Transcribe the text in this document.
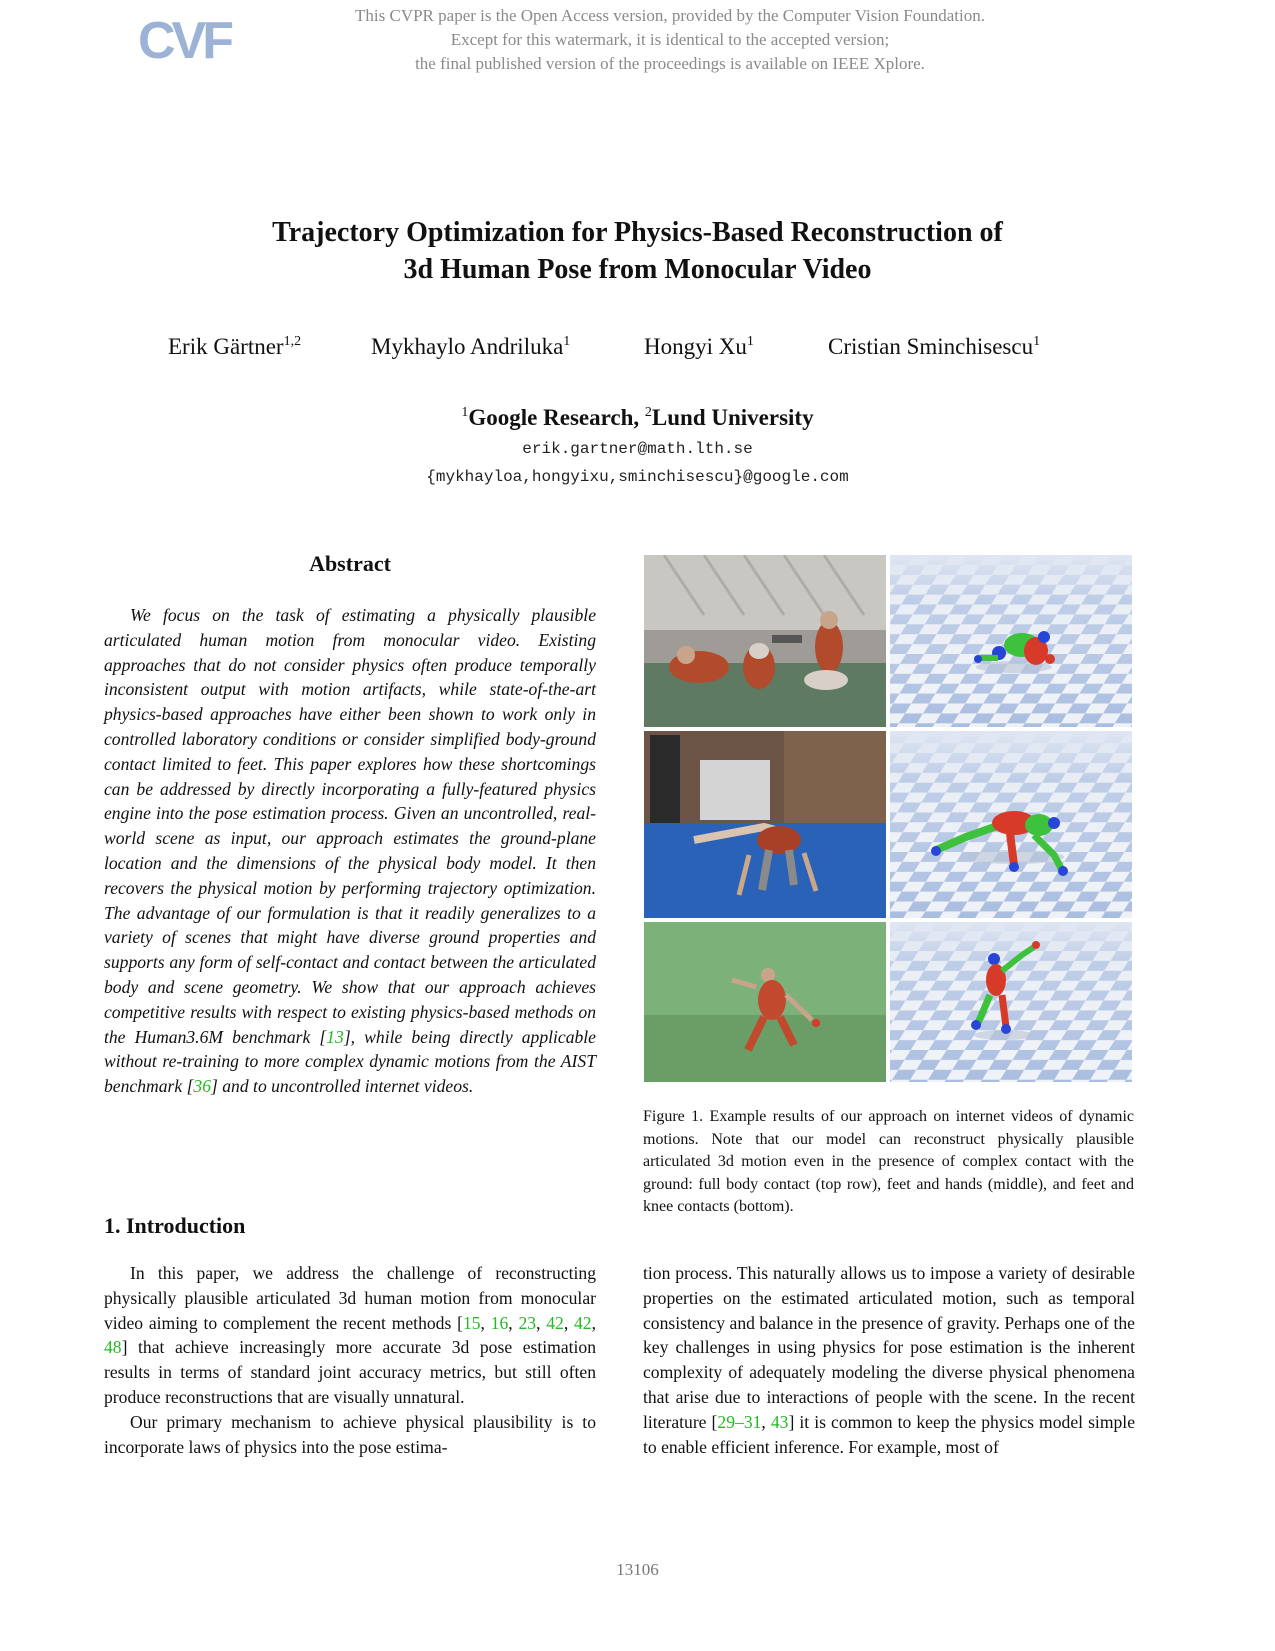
CVF	This CVPR paper is the Open Access version, provided by the Computer Vision Foundation.
Except for this watermark, it is identical to the accepted version;
the final published version of the proceedings is available on IEEE Xplore.
Trajectory Optimization for Physics-Based Reconstruction of
3d Human Pose from Monocular Video
Erik Gärtner$^{1,2}$	Mykhaylo Andriluka$^1$	Hongyi Xu$^1$	Cristian Sminchisescu$^1$
$^1$Google Research, $^2$Lund University
erik.gartner@math.lth.se
{mykhayloa,hongyixu,sminchisescu}@google.com
Abstract

We focus on the task of estimating a physically plausible articulated human motion from monocular video. Existing approaches that do not consider physics often produce temporally inconsistent output with motion artifacts, while state-of-the-art physics-based approaches have either been shown to work only in controlled laboratory conditions or consider simplified body-ground contact limited to feet. This paper explores how these shortcomings can be addressed by directly incorporating a fully-featured physics engine into the pose estimation process. Given an uncontrolled, real-world scene as input, our approach estimates the ground-plane location and the dimensions of the physical body model. It then recovers the physical motion by performing trajectory optimization. The advantage of our formulation is that it readily generalizes to a variety of scenes that might have diverse ground properties and supports any form of self-contact and contact between the articulated body and scene geometry. We show that our approach achieves competitive results with respect to existing physics-based methods on the Human3.6M benchmark [13], while being directly applicable without re-training to more complex dynamic motions from the AIST benchmark [36] and to uncontrolled internet videos.

1. Introduction

In this paper, we address the challenge of reconstructing physically plausible articulated 3d human motion from monocular video aiming to complement the recent methods [15, 16, 23, 42, 42, 48] that achieve increasingly more accurate 3d pose estimation results in terms of standard joint accuracy metrics, but still often produce reconstructions that are visually unnatural.

Our primary mechanism to achieve physical plausibility is to incorporate laws of physics into the pose estima-

tion process. This naturally allows us to impose a variety of desirable properties on the estimated articulated motion, such as temporal consistency and balance in the presence of gravity. Perhaps one of the key challenges in using physics for pose estimation is the inherent complexity of adequately modeling the diverse physical phenomena that arise due to interactions of people with the scene. In the recent literature [29–31, 43] it is common to keep the physics model simple to enable efficient inference. For example, most of

Figure 1. Example results of our approach on internet videos of dynamic motions. Note that our model can reconstruct physically plausible articulated 3d motion even in the presence of complex contact with the ground: full body contact (top row), feet and hands (middle), and feet and knee contacts (bottom).
13106
